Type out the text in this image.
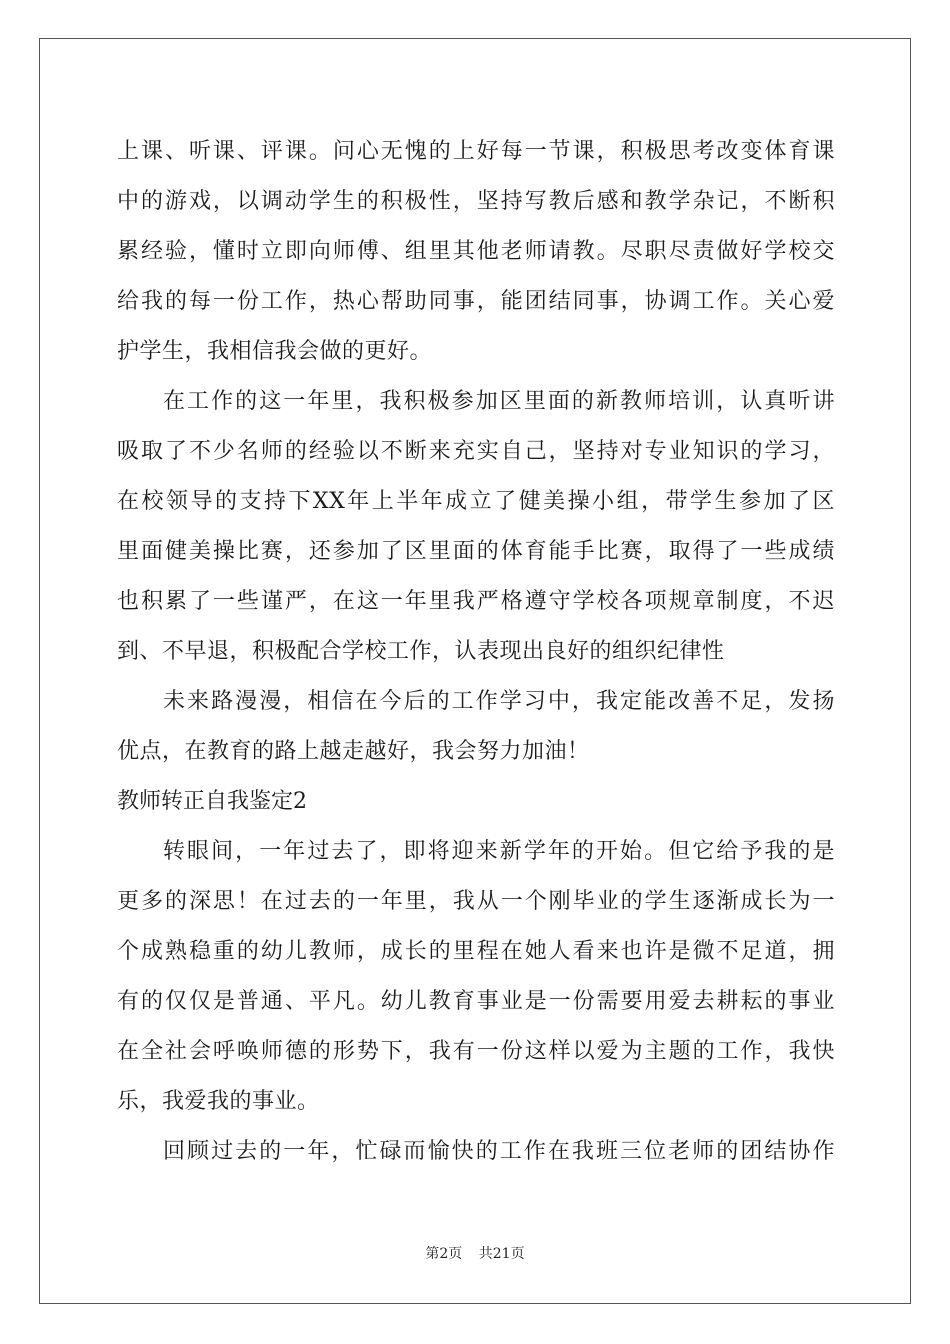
上课、听课、评课。问心无愧的上好每一节课，积极思考改变体育课
中的游戏，以调动学生的积极性，坚持写教后感和教学杂记，不断积
累经验，懂时立即向师傅、组里其他老师请教。尽职尽责做好学校交
给我的每一份工作，热心帮助同事，能团结同事，协调工作。关心爱
护学生，我相信我会做的更好。
在工作的这一年里，我积极参加区里面的新教师培训，认真听讲
吸取了不少名师的经验以不断来充实自己，坚持对专业知识的学习，
在校领导的支持下XX年上半年成立了健美操小组，带学生参加了区
里面健美操比赛，还参加了区里面的体育能手比赛，取得了一些成绩
也积累了一些谨严，在这一年里我严格遵守学校各项规章制度，不迟
到、不早退，积极配合学校工作，认表现出良好的组织纪律性
未来路漫漫，相信在今后的工作学习中，我定能改善不足，发扬
优点，在教育的路上越走越好，我会努力加油！
教师转正自我鉴定2
转眼间，一年过去了，即将迎来新学年的开始。但它给予我的是
更多的深思！在过去的一年里，我从一个刚毕业的学生逐渐成长为一
个成熟稳重的幼儿教师，成长的里程在她人看来也许是微不足道，拥
有的仅仅是普通、平凡。幼儿教育事业是一份需要用爱去耕耘的事业
在全社会呼唤师德的形势下，我有一份这样以爱为主题的工作，我快
乐，我爱我的事业。
回顾过去的一年，忙碌而愉快的工作在我班三位老师的团结协作
第2页 共21页
